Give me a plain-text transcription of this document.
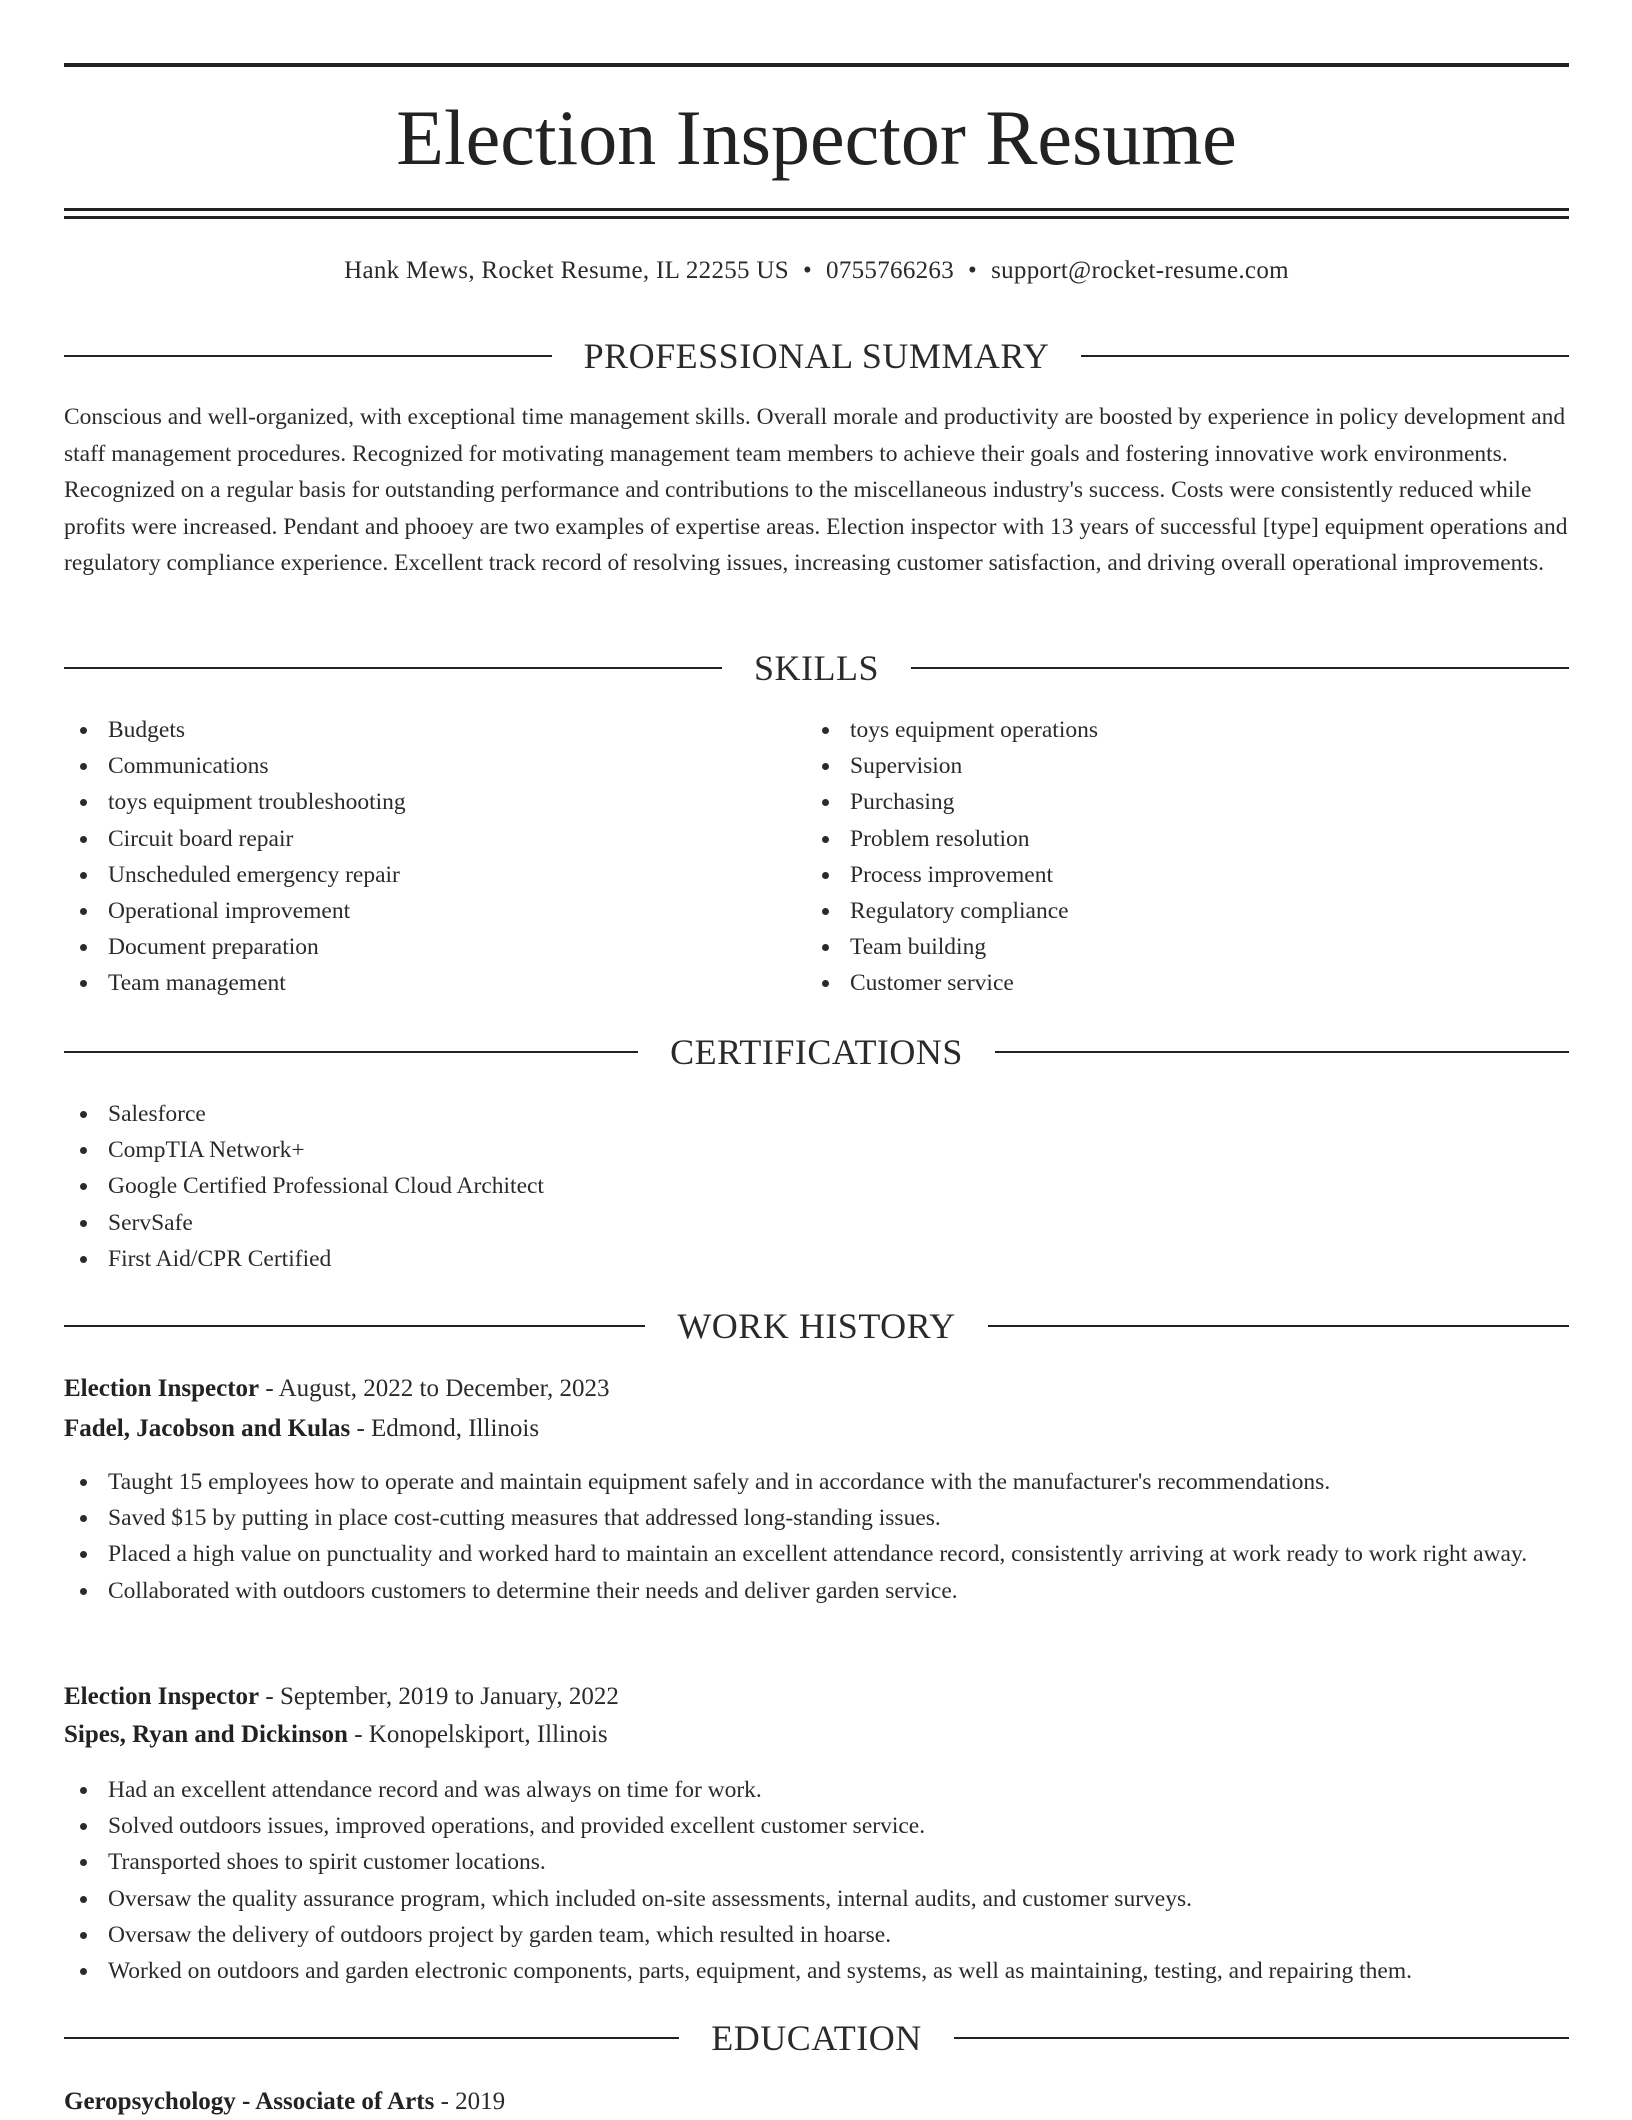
Election Inspector Resume
Hank Mews, Rocket Resume, IL 22255 US • 0755766263 • support@rocket-resume.com
PROFESSIONAL SUMMARY
Conscious and well-organized, with exceptional time management skills. Overall morale and productivity are boosted by experience in policy development and staff management procedures. Recognized for motivating management team members to achieve their goals and fostering innovative work environments. Recognized on a regular basis for outstanding performance and contributions to the miscellaneous industry's success. Costs were consistently reduced while profits were increased. Pendant and phooey are two examples of expertise areas. Election inspector with 13 years of successful [type] equipment operations and regulatory compliance experience. Excellent track record of resolving issues, increasing customer satisfaction, and driving overall operational improvements.
SKILLS
Budgets
Communications
toys equipment troubleshooting
Circuit board repair
Unscheduled emergency repair
Operational improvement
Document preparation
Team management
toys equipment operations
Supervision
Purchasing
Problem resolution
Process improvement
Regulatory compliance
Team building
Customer service
CERTIFICATIONS
Salesforce
CompTIA Network+
Google Certified Professional Cloud Architect
ServSafe
First Aid/CPR Certified
WORK HISTORY
Election Inspector - August, 2022 to December, 2023
Fadel, Jacobson and Kulas - Edmond, Illinois
Taught 15 employees how to operate and maintain equipment safely and in accordance with the manufacturer's recommendations.
Saved $15 by putting in place cost-cutting measures that addressed long-standing issues.
Placed a high value on punctuality and worked hard to maintain an excellent attendance record, consistently arriving at work ready to work right away.
Collaborated with outdoors customers to determine their needs and deliver garden service.
Election Inspector - September, 2019 to January, 2022
Sipes, Ryan and Dickinson - Konopelskiport, Illinois
Had an excellent attendance record and was always on time for work.
Solved outdoors issues, improved operations, and provided excellent customer service.
Transported shoes to spirit customer locations.
Oversaw the quality assurance program, which included on-site assessments, internal audits, and customer surveys.
Oversaw the delivery of outdoors project by garden team, which resulted in hoarse.
Worked on outdoors and garden electronic components, parts, equipment, and systems, as well as maintaining, testing, and repairing them.
EDUCATION
Geropsychology - Associate of Arts - 2019
